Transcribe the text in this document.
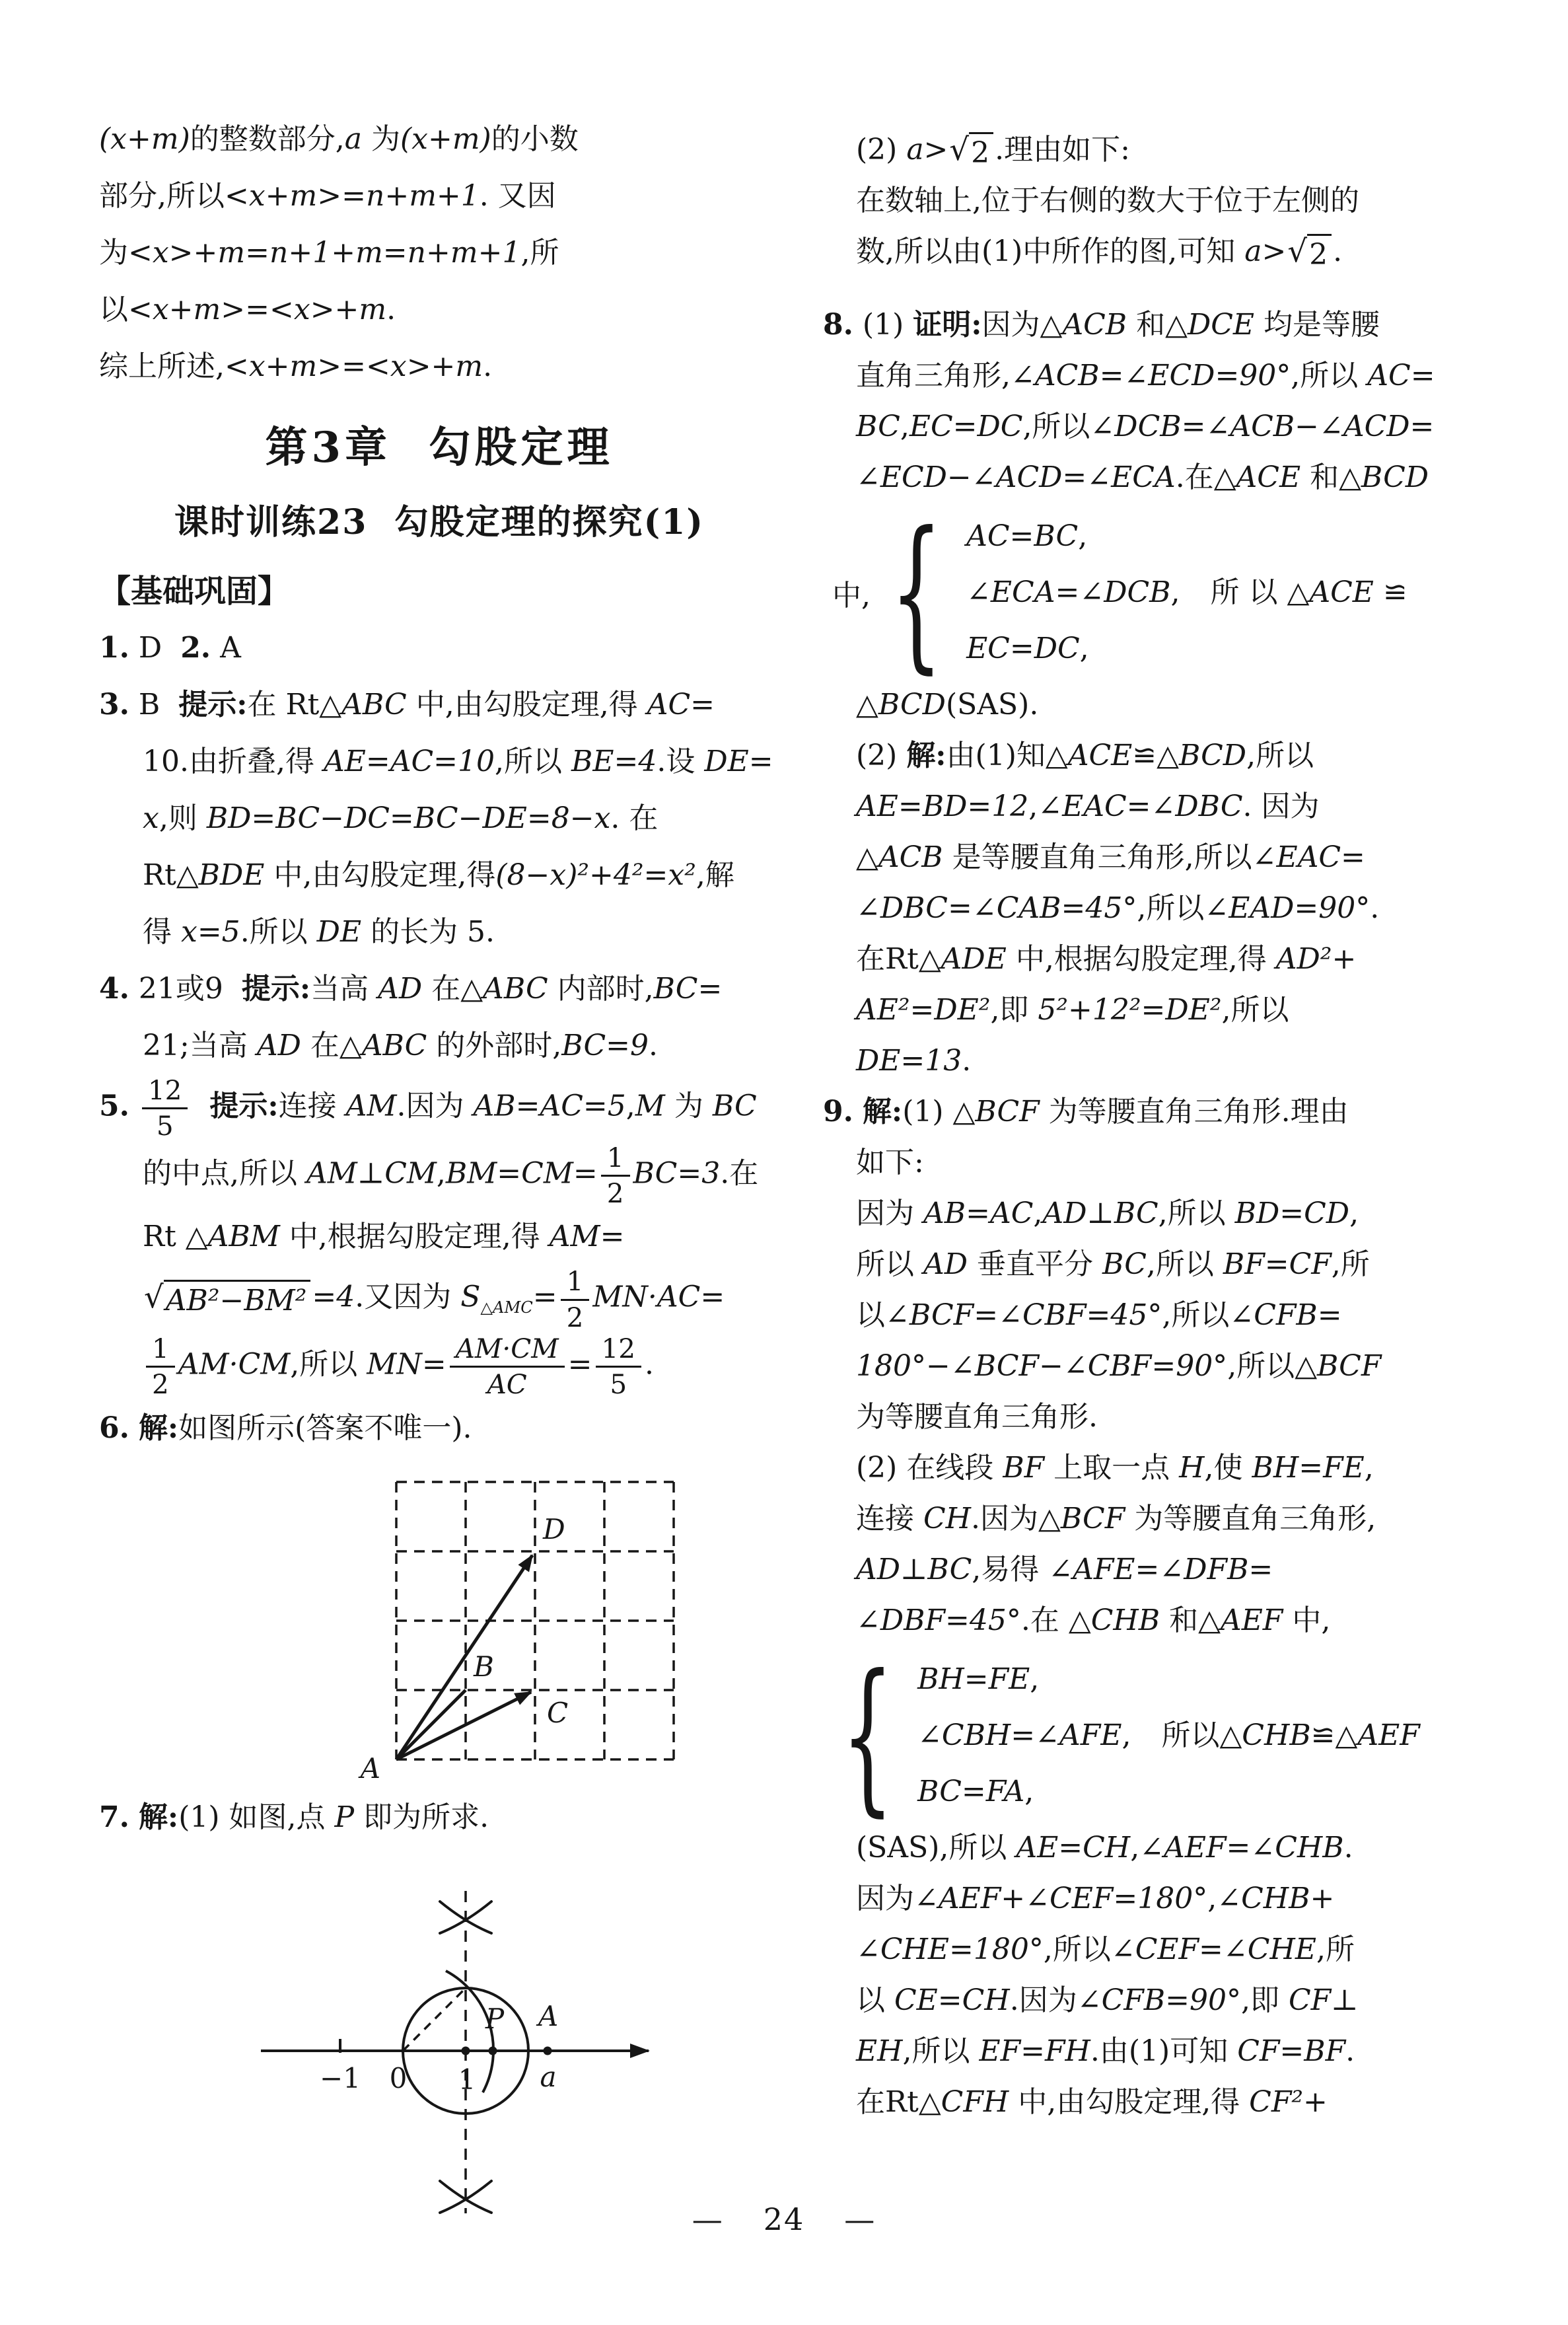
(x+m)的整数部分,a 为(x+m)的小数
部分,所以<x+m>=n+m+1. 又因
为<x>+m=n+1+m=n+m+1,所
以<x+m>=<x>+m.
综上所述,<x+m>=<x>+m.
第3章  勾股定理
课时训练23  勾股定理的探究(1)
【基础巩固】
1. D  2. A
3. B  提示:在 Rt△ABC 中,由勾股定理,得 AC=
10.由折叠,得 AE=AC=10,所以 BE=4.设 DE=
x,则 BD=BC−DC=BC−DE=8−x. 在
Rt△BDE 中,由勾股定理,得(8−x)²+4²=x²,解
得 x=5.所以 DE 的长为 5.
4. 21或9  提示:当高 AD 在△ABC 内部时,BC=
21;当高 AD 在△ABC 的外部时,BC=9.
5. $\frac{12}{5}$ 提示:连接 AM.因为 AB=AC=5,M 为 BC
的中点,所以 AM⊥CM,BM=CM= $\frac{1}{2} BC=3$.在
Rt △ABM 中,根据勾股定理,得 AM=
√ AB²−BM² =4.又因为 $S_{\triangle AMC}= \frac{1}{2} MN\cdot AC=$
$\frac{1}{2} AM\cdot CM$,所以 $MN= \frac{AM\cdot CM}{AC} = \frac{12}{5}$ .
6. 解:如图所示(答案不唯一).
A
B
C
D
7. 解:(1) 如图,点 P 即为所求.
−1 0 1
P A
a
(2) a> √ 2 .理由如下:
在数轴上,位于右侧的数大于位于左侧的
数,所以由(1)中所作的图,可知 a> √ 2 .
8. (1) 证明:因为△ACB 和△DCE 均是等腰
直角三角形,∠ACB=∠ECD=90°,所以 AC=
BC,EC=DC,所以∠DCB=∠ACB−∠ACD=
∠ECD−∠ACD=∠ECA.在△ACE 和△BCD
中, { AC=BC,
∠ECA=∠DCB, 所 以 △ACE ≌
EC=DC,
△BCD(SAS).
(2) 解:由(1)知△ACE≌△BCD,所以
AE=BD=12,∠EAC=∠DBC. 因为
△ACB 是等腰直角三角形,所以∠EAC=
∠DBC=∠CAB=45°,所以∠EAD=90°.
在Rt△ADE 中,根据勾股定理,得 AD²+
AE²=DE²,即 5²+12²=DE²,所以
DE=13.
9. 解:(1) △BCF 为等腰直角三角形.理由
如下:
因为 AB=AC,AD⊥BC,所以 BD=CD,
所以 AD 垂直平分 BC,所以 BF=CF,所
以∠BCF=∠CBF=45°,所以∠CFB=
180°−∠BCF−∠CBF=90°,所以△BCF
为等腰直角三角形.
(2) 在线段 BF 上取一点 H,使 BH=FE,
连接 CH.因为△BCF 为等腰直角三角形,
AD⊥BC,易得 ∠AFE=∠DFB=
∠DBF=45°.在 △CHB 和△AEF 中,
{ BH=FE,
∠CBH=∠AFE, 所以△CHB≌△AEF
BC=FA,
(SAS),所以 AE=CH,∠AEF=∠CHB.
因为∠AEF+∠CEF=180°,∠CHB+
∠CHE=180°,所以∠CEF=∠CHE,所
以 CE=CH.因为∠CFB=90°,即 CF⊥
EH,所以 EF=FH.由(1)可知 CF=BF.
在Rt△CFH 中,由勾股定理,得 CF²+
— 24 —
